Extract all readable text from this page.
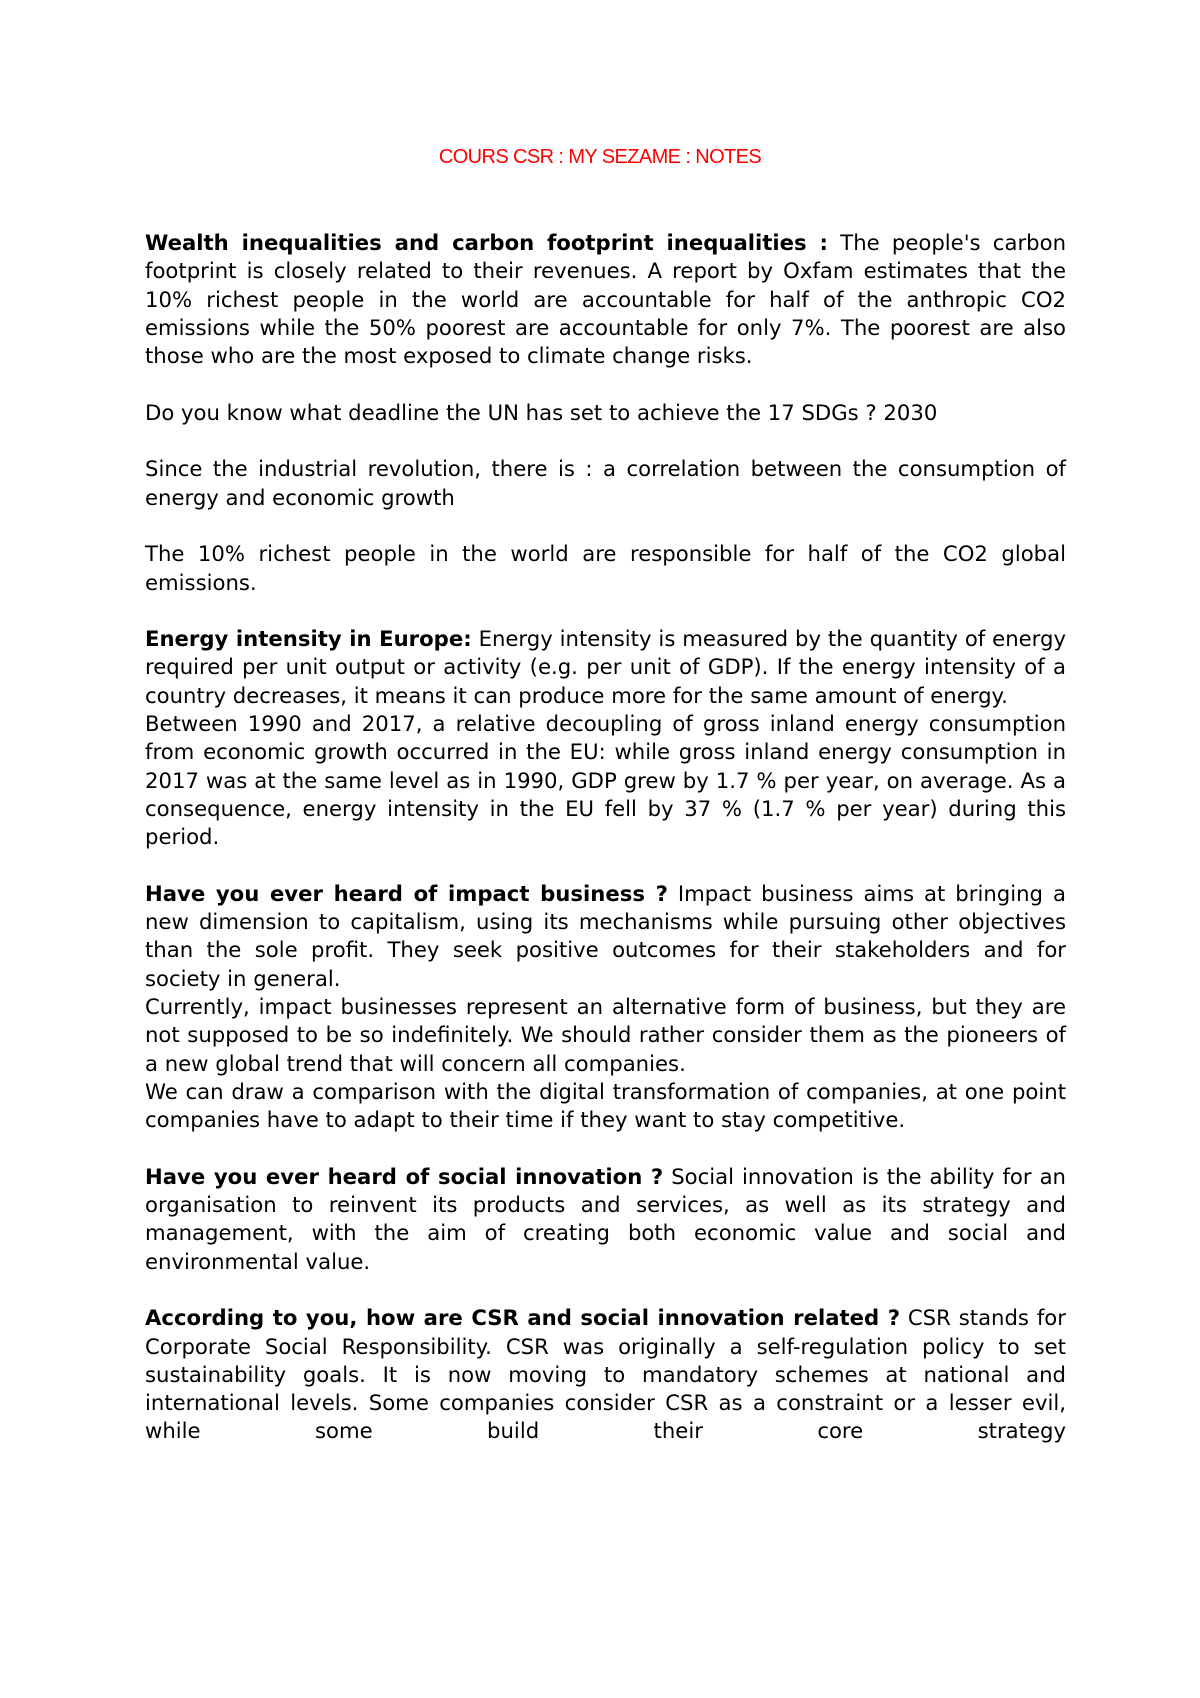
COURS CSR : MY SEZAME : NOTES
Wealth inequalities and carbon footprint inequalities : The people's carbon footprint is closely related to their revenues. A report by Oxfam estimates that the 10% richest people in the world are accountable for half of the anthropic CO2 emissions while the 50% poorest are accountable for only 7%. The poorest are also those who are the most exposed to climate change risks.
Do you know what deadline the UN has set to achieve the 17 SDGs ? 2030
Since the industrial revolution, there is : a correlation between the consumption of energy and economic growth
The 10% richest people in the world are responsible for half of the CO2 global emissions.

Energy intensity in Europe: Energy intensity is measured by the quantity of energy required per unit output or activity (e.g. per unit of GDP). If the energy intensity of a country decreases, it means it can produce more for the same amount of energy.

Between 1990 and 2017, a relative decoupling of gross inland energy consumption from economic growth occurred in the EU: while gross inland energy consumption in 2017 was at the same level as in 1990, GDP grew by 1.7 % per year, on average. As a consequence, energy intensity in the EU fell by 37 % (1.7 % per year) during this period.

Have you ever heard of impact business ? Impact business aims at bringing a new dimension to capitalism, using its mechanisms while pursuing other objectives than the sole profit. They seek positive outcomes for their stakeholders and for society in general.

Currently, impact businesses represent an alternative form of business, but they are not supposed to be so indefinitely. We should rather consider them as the pioneers of a new global trend that will concern all companies.

We can draw a comparison with the digital transformation of companies, at one point companies have to adapt to their time if they want to stay competitive.

Have you ever heard of social innovation ? Social innovation is the ability for an organisation to reinvent its products and services, as well as its strategy and management, with the aim of creating both economic value and social and environmental value.
According to you, how are CSR and social innovation related ? CSR stands for Corporate Social Responsibility. CSR was originally a self-regulation policy to set sustainability goals. It is now moving to mandatory schemes at national and international levels. Some companies consider CSR as a constraint or a lesser evil, while some build their core strategy
